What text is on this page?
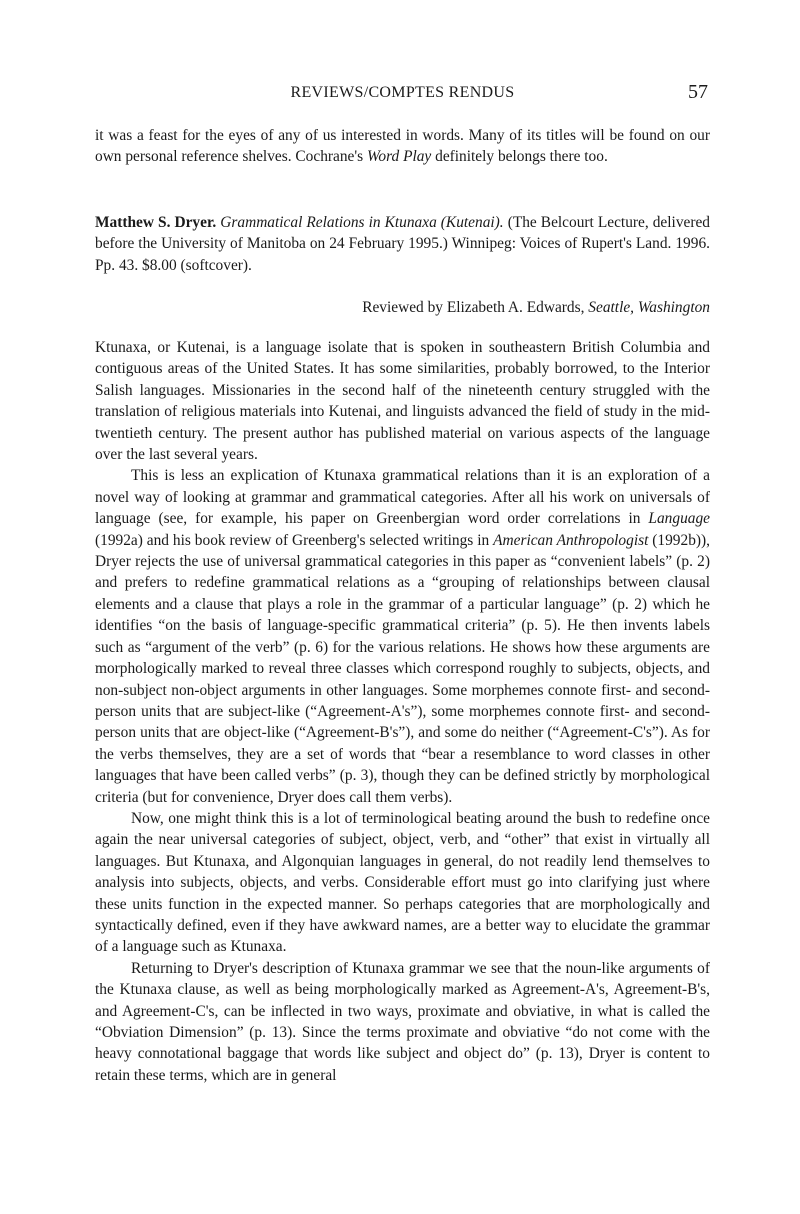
REVIEWS/COMPTES RENDUS	57

it was a feast for the eyes of any of us interested in words. Many of its titles will be found on our own personal reference shelves. Cochrane's Word Play definitely belongs there too.

Matthew S. Dryer. Grammatical Relations in Ktunaxa (Kutenai). (The Belcourt Lecture, delivered before the University of Manitoba on 24 February 1995.) Winnipeg: Voices of Rupert's Land. 1996. Pp. 43. $8.00 (softcover).

Reviewed by Elizabeth A. Edwards, Seattle, Washington

Ktunaxa, or Kutenai, is a language isolate that is spoken in southeastern British Columbia and contiguous areas of the United States. It has some similarities, probably borrowed, to the Interior Salish languages. Missionaries in the second half of the nineteenth century struggled with the translation of religious materials into Kutenai, and linguists advanced the field of study in the mid-twentieth century. The present author has published material on various aspects of the language over the last several years.

This is less an explication of Ktunaxa grammatical relations than it is an exploration of a novel way of looking at grammar and grammatical categories. After all his work on universals of language (see, for example, his paper on Greenbergian word order correlations in Language (1992a) and his book review of Greenberg's selected writings in American Anthropologist (1992b)), Dryer rejects the use of universal grammatical categories in this paper as “convenient labels” (p. 2) and prefers to redefine grammatical relations as a “grouping of relationships between clausal elements and a clause that plays a role in the grammar of a particular language” (p. 2) which he identifies “on the basis of language-specific grammatical criteria” (p. 5). He then invents labels such as “argument of the verb” (p. 6) for the various relations. He shows how these arguments are morphologically marked to reveal three classes which correspond roughly to subjects, objects, and non-subject non-object arguments in other languages. Some morphemes connote first- and second-person units that are subject-like (“Agreement-A's”), some morphemes connote first- and second-person units that are object-like (“Agreement-B's”), and some do neither (“Agreement-C's”). As for the verbs themselves, they are a set of words that “bear a resemblance to word classes in other languages that have been called verbs” (p. 3), though they can be defined strictly by morphological criteria (but for convenience, Dryer does call them verbs).

Now, one might think this is a lot of terminological beating around the bush to redefine once again the near universal categories of subject, object, verb, and “other” that exist in virtually all languages. But Ktunaxa, and Algonquian languages in general, do not readily lend themselves to analysis into subjects, objects, and verbs. Considerable effort must go into clarifying just where these units function in the expected manner. So perhaps categories that are morphologically and syntactically defined, even if they have awkward names, are a better way to elucidate the grammar of a language such as Ktunaxa.

Returning to Dryer's description of Ktunaxa grammar we see that the noun-like arguments of the Ktunaxa clause, as well as being morphologically marked as Agreement-A's, Agreement-B's, and Agreement-C's, can be inflected in two ways, proximate and obviative, in what is called the “Obviation Dimension” (p. 13). Since the terms proximate and obviative “do not come with the heavy connotational baggage that words like subject and object do” (p. 13), Dryer is content to retain these terms, which are in general
